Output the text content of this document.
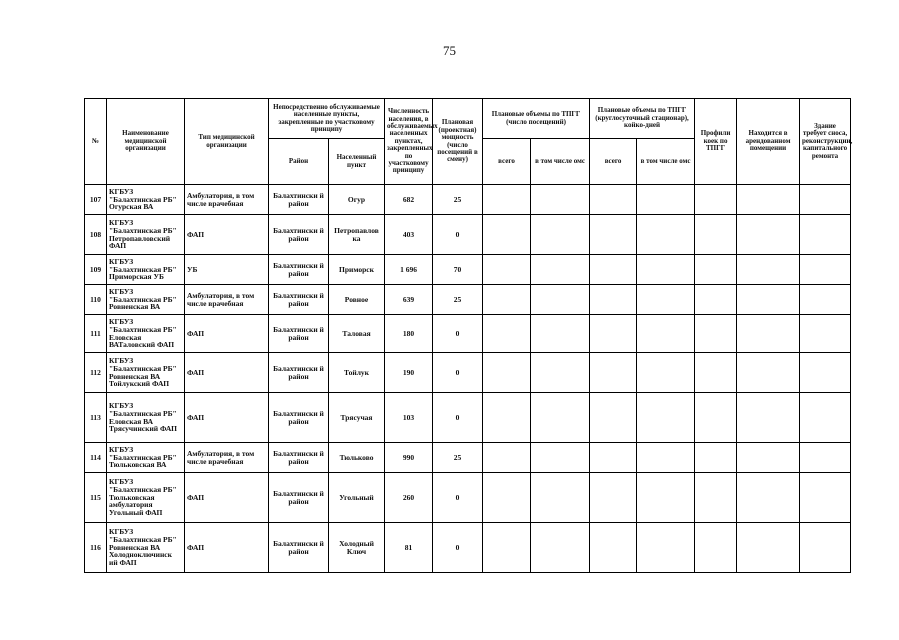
75
№	Наименование медицинской организации	Тип медицинской организации	Непосредственно обслуживаемые населенные пункты, закрепленные по участковому принципу		Численность населения, в обслуживаемых населенных пунктах, закрепленных по участковому принципу	Плановая (проектная) мощность (число посещений в смену)	Плановые объемы по ТПГГ (число посещений)		Плановые объемы по ТПГГ (круглосуточный стационар), койко-дней		Профили коек по ТПГГ	Находится в арендованном помещении	Здание требует сноса, реконструкции, капитального ремонта
			Район	Населенный пункт			всего	в том числе омс	всего	в том числе омс			
107	КГБУЗ "Балахтинская РБ" Огурская ВА	Амбулатория, в том числе врачебная	Балахтински й район	Огур	682	25							
108	КГБУЗ "Балахтинская РБ" Петропавловский ФАП	ФАП	Балахтински й район	Петропавлов ка	403	0							
109	КГБУЗ "Балахтинская РБ" Приморская УБ	УБ	Балахтински й район	Приморск	1 696	70							
110	КГБУЗ "Балахтинская РБ" Ровненская ВА	Амбулатория, в том числе врачебная	Балахтински й район	Ровное	639	25							
111	КГБУЗ "Балахтинская РБ" Еловская ВАТаловский ФАП	ФАП	Балахтински й район	Таловая	180	0							
112	КГБУЗ "Балахтинская РБ" Ровненская ВА Тойлукский ФАП	ФАП	Балахтински й район	Тойлук	190	0							
113	КГБУЗ "Балахтинская РБ" Еловская ВА Трясучинский ФАП	ФАП	Балахтински й район	Трясучая	103	0							
114	КГБУЗ "Балахтинская РБ" Тюльковская ВА	Амбулатория, в том числе врачебная	Балахтински й район	Тюльково	990	25							
115	КГБУЗ "Балахтинская РБ" Тюльковская амбулатория Угольный ФАП	ФАП	Балахтински й район	Угольный	260	0							
116	КГБУЗ "Балахтинская РБ" Ровненская ВА Холодноключинск ий ФАП	ФАП	Балахтински й район	Холодный Ключ	81	0							
